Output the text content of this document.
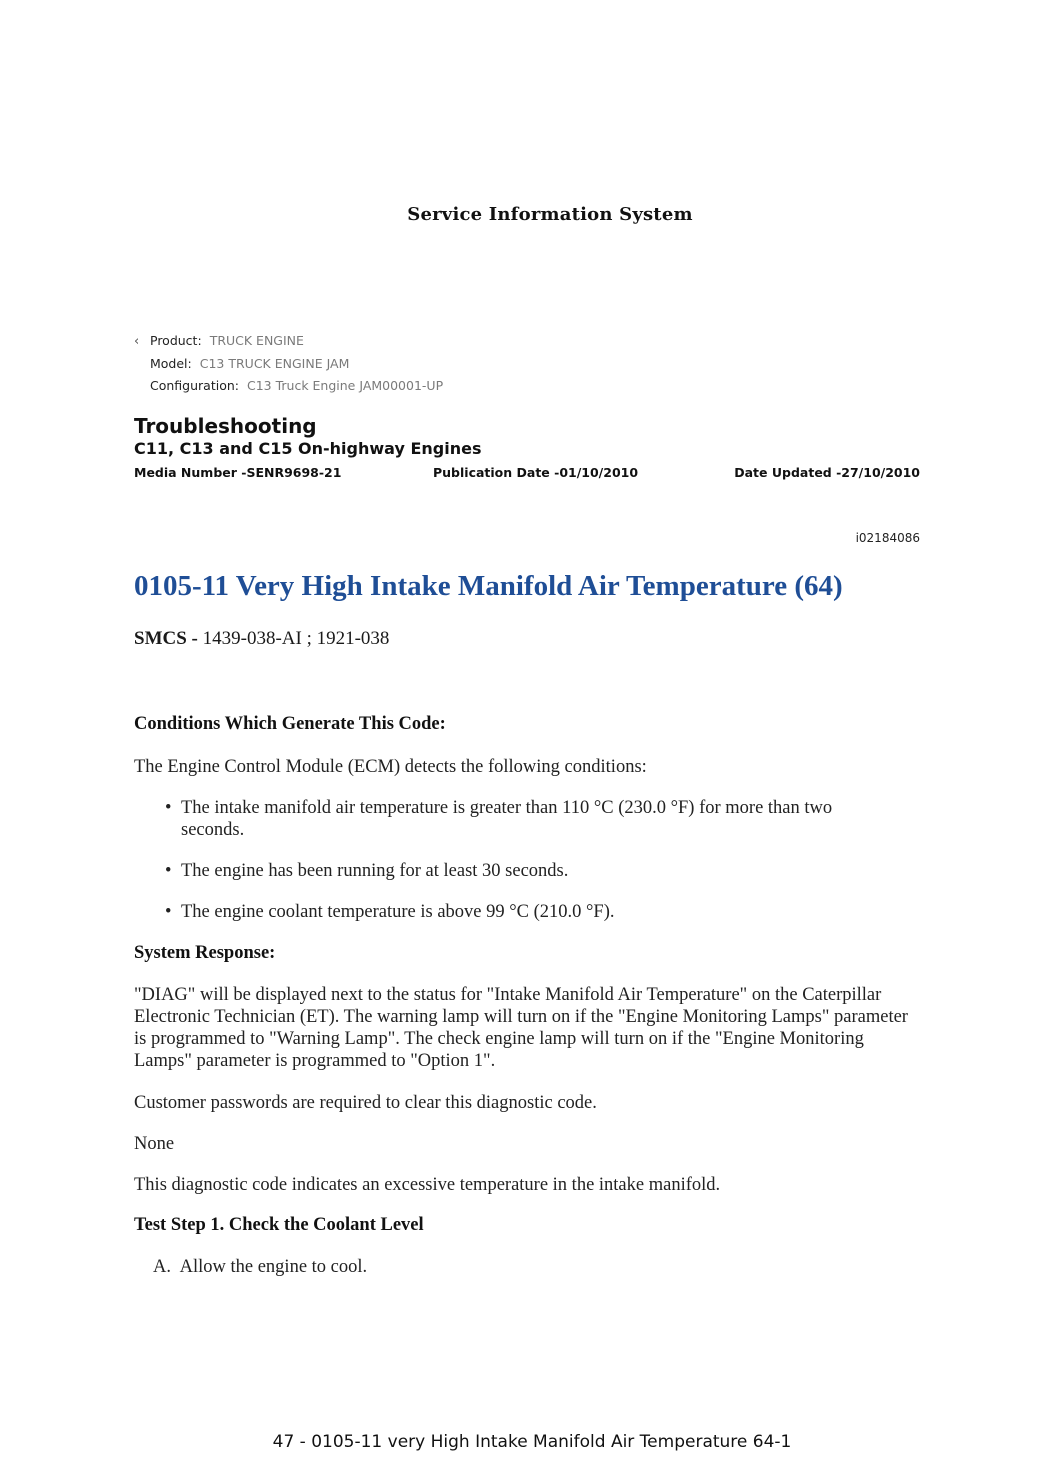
Service Information System
‹ Product: TRUCK ENGINE
Model: C13 TRUCK ENGINE JAM
Configuration: C13 Truck Engine JAM00001-UP
Troubleshooting
C11, C13 and C15 On-highway Engines
Media Number -SENR9698-21	Publication Date -01/10/2010	Date Updated -27/10/2010
i02184086
0105-11 Very High Intake Manifold Air Temperature (64)
SMCS - 1439-038-AI ; 1921-038
Conditions Which Generate This Code:
The Engine Control Module (ECM) detects the following conditions:
• The intake manifold air temperature is greater than 110 °C (230.0 °F) for more than two seconds.
• The engine has been running for at least 30 seconds.
• The engine coolant temperature is above 99 °C (210.0 °F).
System Response:
"DIAG" will be displayed next to the status for "Intake Manifold Air Temperature" on the Caterpillar Electronic Technician (ET). The warning lamp will turn on if the "Engine Monitoring Lamps" parameter is programmed to "Warning Lamp". The check engine lamp will turn on if the "Engine Monitoring Lamps" parameter is programmed to "Option 1".
Customer passwords are required to clear this diagnostic code.
None
This diagnostic code indicates an excessive temperature in the intake manifold.
Test Step 1. Check the Coolant Level
A. Allow the engine to cool.
47 - 0105-11 very High Intake Manifold Air Temperature 64-1
